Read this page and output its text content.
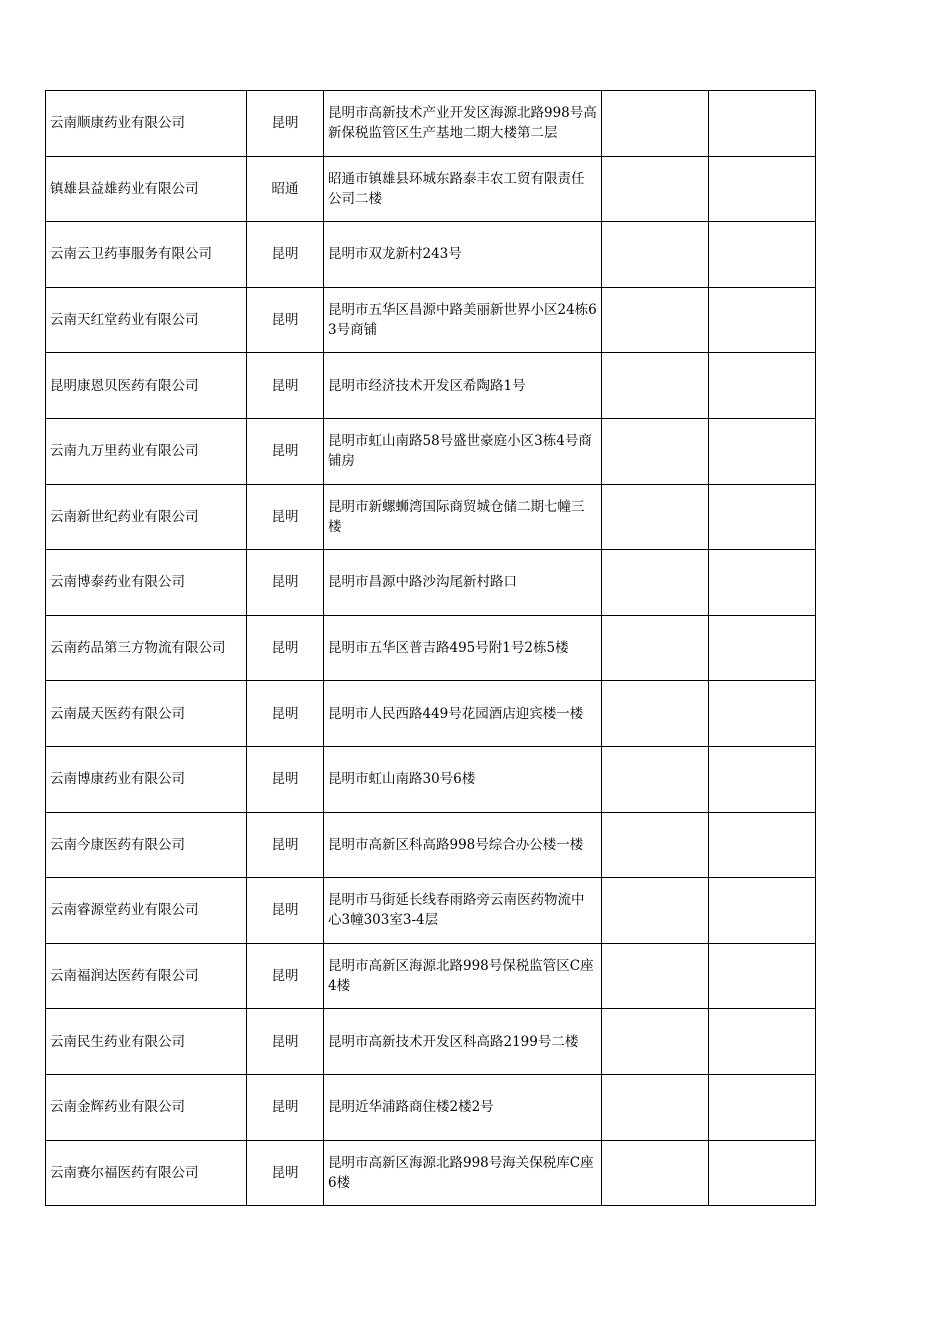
云南顺康药业有限公司	昆明	昆明市高新技术产业开发区海源北路998号高新保税监管区生产基地二期大楼第二层		
镇雄县益雄药业有限公司	昭通	昭通市镇雄县环城东路泰丰农工贸有限责任公司二楼		
云南云卫药事服务有限公司	昆明	昆明市双龙新村243号		
云南天红堂药业有限公司	昆明	昆明市五华区昌源中路美丽新世界小区24栋63号商铺		
昆明康恩贝医药有限公司	昆明	昆明市经济技术开发区希陶路1号		
云南九万里药业有限公司	昆明	昆明市虹山南路58号盛世豪庭小区3栋4号商铺房		
云南新世纪药业有限公司	昆明	昆明市新螺蛳湾国际商贸城仓储二期七幢三楼		
云南博泰药业有限公司	昆明	昆明市昌源中路沙沟尾新村路口		
云南药品第三方物流有限公司	昆明	昆明市五华区普吉路495号附1号2栋5楼		
云南晟天医药有限公司	昆明	昆明市人民西路449号花园酒店迎宾楼一楼		
云南博康药业有限公司	昆明	昆明市虹山南路30号6楼		
云南今康医药有限公司	昆明	昆明市高新区科高路998号综合办公楼一楼		
云南睿源堂药业有限公司	昆明	昆明市马街延长线春雨路旁云南医药物流中心3幢303室3-4层		
云南福润达医药有限公司	昆明	昆明市高新区海源北路998号保税监管区C座4楼		
云南民生药业有限公司	昆明	昆明市高新技术开发区科高路2199号二楼		
云南金辉药业有限公司	昆明	昆明近华浦路商住楼2楼2号		
云南赛尔福医药有限公司	昆明	昆明市高新区海源北路998号海关保税库C座6楼		
